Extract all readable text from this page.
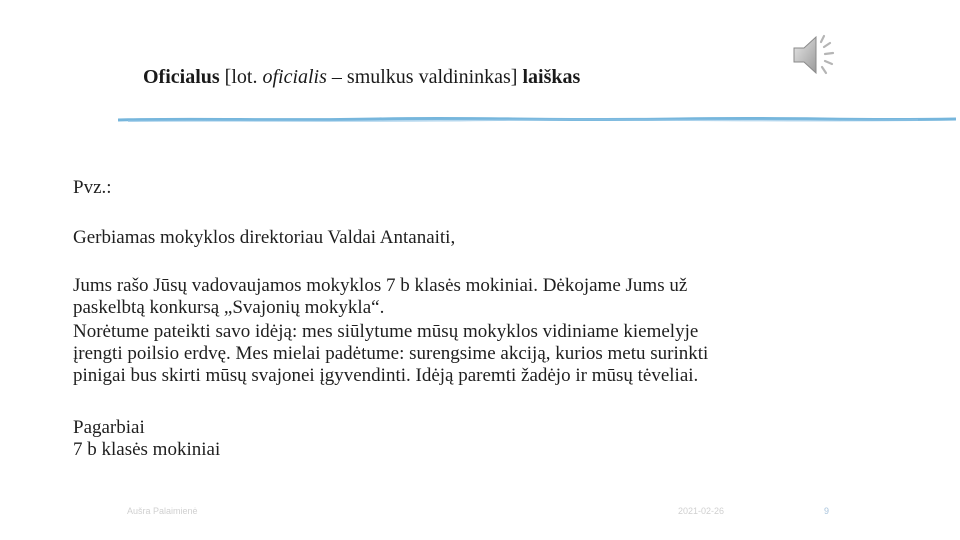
Oficialus [lot. oficialis – smulkus valdininkas] laiškas
Pvz.:
Gerbiamas mokyklos direktoriau Valdai Antanaiti,
Jums rašo Jūsų vadovaujamos mokyklos 7 b klasės mokiniai. Dėkojame Jums už
paskelbtą konkursą „Svajonių mokykla“.
Norėtume pateikti savo idėją: mes siūlytume mūsų mokyklos vidiniame kiemelyje
įrengti poilsio erdvę. Mes mielai padėtume: surengsime akciją, kurios metu surinkti
pinigai bus skirti mūsų svajonei įgyvendinti. Idėją paremti žadėjo ir mūsų tėveliai.
Pagarbiai
7 b klasės mokiniai
Aušra Palaimienė	2021-02-26	9
